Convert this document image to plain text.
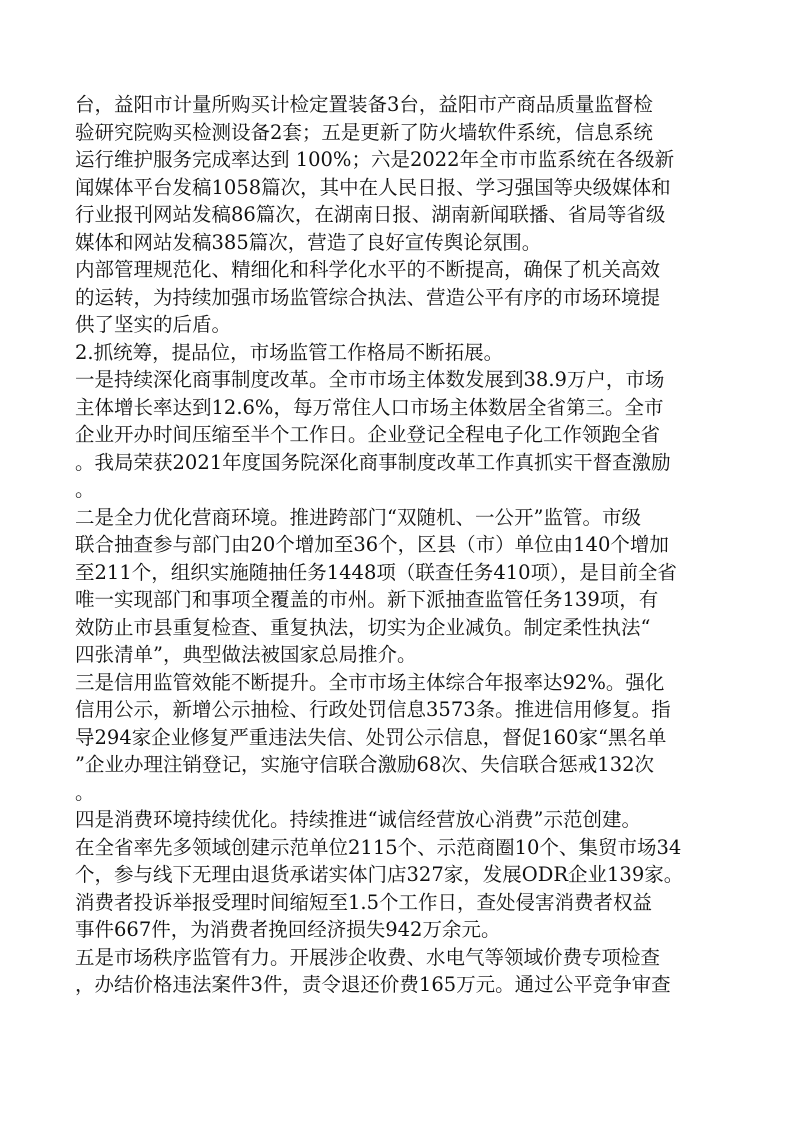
台，益阳市计量所购买计检定置装备3台，益阳市产商品质量监督检
验研究院购买检测设备2套；五是更新了防火墙软件系统，信息系统
运行维护服务完成率达到 100%；六是2022年全市市监系统在各级新
闻媒体平台发稿1058篇次，其中在人民日报、学习强国等央级媒体和
行业报刊网站发稿86篇次，在湖南日报、湖南新闻联播、省局等省级
媒体和网站发稿385篇次，营造了良好宣传舆论氛围。
内部管理规范化、精细化和科学化水平的不断提高，确保了机关高效
的运转，为持续加强市场监管综合执法、营造公平有序的市场环境提
供了坚实的后盾。
2.抓统筹，提品位，市场监管工作格局不断拓展。
一是持续深化商事制度改革。全市市场主体数发展到38.9万户，市场
主体增长率达到12.6%，每万常住人口市场主体数居全省第三。全市
企业开办时间压缩至半个工作日。企业登记全程电子化工作领跑全省
。我局荣获2021年度国务院深化商事制度改革工作真抓实干督查激励
。
二是全力优化营商环境。推进跨部门“双随机、一公开”监管。市级
联合抽查参与部门由20个增加至36个，区县（市）单位由140个增加
至211个，组织实施随抽任务1448项（联查任务410项），是目前全省
唯一实现部门和事项全覆盖的市州。新下派抽查监管任务139项，有
效防止市县重复检查、重复执法，切实为企业减负。制定柔性执法“
四张清单”，典型做法被国家总局推介。
三是信用监管效能不断提升。全市市场主体综合年报率达92%。强化
信用公示，新增公示抽检、行政处罚信息3573条。推进信用修复。指
导294家企业修复严重违法失信、处罚公示信息，督促160家“黑名单
”企业办理注销登记，实施守信联合激励68次、失信联合惩戒132次
。
四是消费环境持续优化。持续推进“诚信经营放心消费”示范创建。
在全省率先多领域创建示范单位2115个、示范商圈10个、集贸市场34
个，参与线下无理由退货承诺实体门店327家，发展ODR企业139家。
消费者投诉举报受理时间缩短至1.5个工作日，查处侵害消费者权益
事件667件，为消费者挽回经济损失942万余元。
五是市场秩序监管有力。开展涉企收费、水电气等领域价费专项检查
，办结价格违法案件3件，责令退还价费165万元。通过公平竞争审查
